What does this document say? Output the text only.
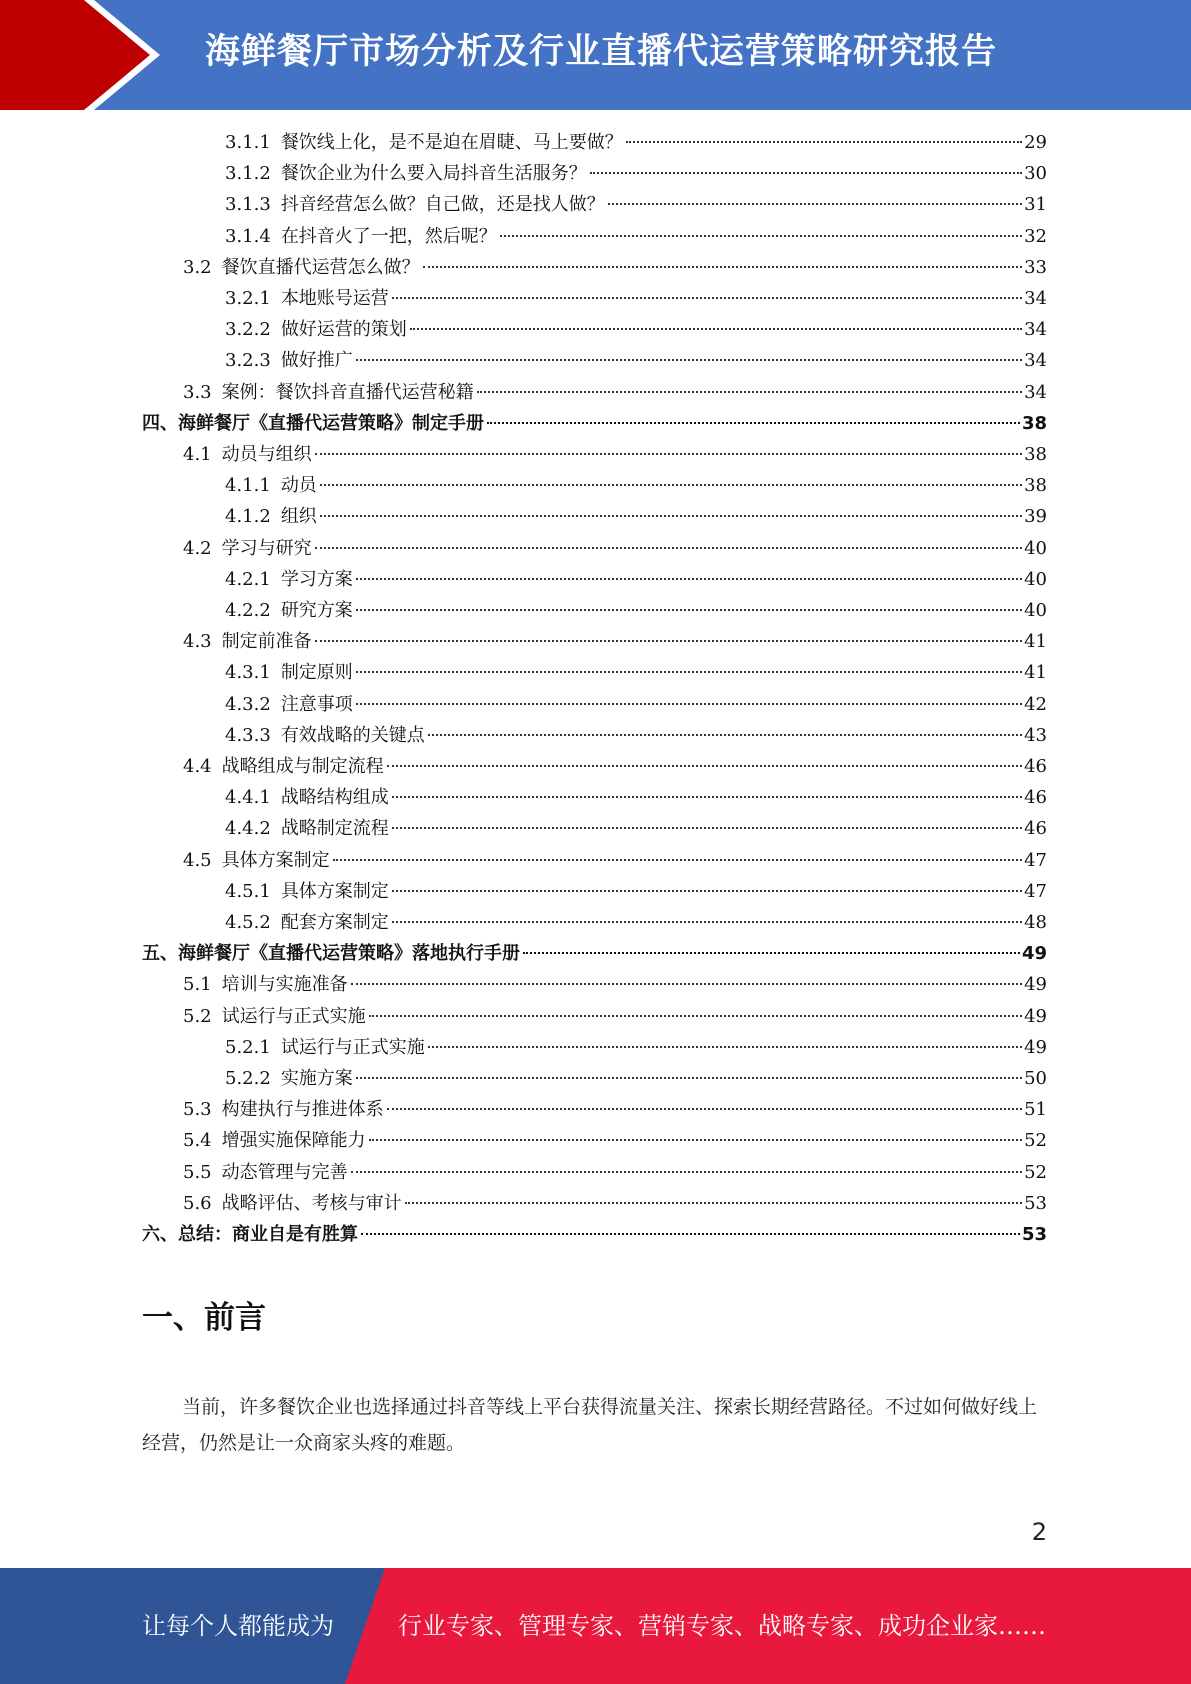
海鲜餐厅市场分析及行业直播代运营策略研究报告
3.1.1 餐饮线上化，是不是迫在眉睫、马上要做？	29
3.1.2 餐饮企业为什么要入局抖音生活服务？	30
3.1.3 抖音经营怎么做？自己做，还是找人做？	31
3.1.4 在抖音火了一把，然后呢？	32
3.2 餐饮直播代运营怎么做？	33
3.2.1 本地账号运营	34
3.2.2 做好运营的策划	34
3.2.3 做好推广	34
3.3 案例：餐饮抖音直播代运营秘籍	34
四、海鲜餐厅《直播代运营策略》制定手册	38
4.1 动员与组织	38
4.1.1 动员	38
4.1.2 组织	39
4.2 学习与研究	40
4.2.1 学习方案	40
4.2.2 研究方案	40
4.3 制定前准备	41
4.3.1 制定原则	41
4.3.2 注意事项	42
4.3.3 有效战略的关键点	43
4.4 战略组成与制定流程	46
4.4.1 战略结构组成	46
4.4.2 战略制定流程	46
4.5 具体方案制定	47
4.5.1 具体方案制定	47
4.5.2 配套方案制定	48
五、海鲜餐厅《直播代运营策略》落地执行手册	49
5.1 培训与实施准备	49
5.2 试运行与正式实施	49
5.2.1 试运行与正式实施	49
5.2.2 实施方案	50
5.3 构建执行与推进体系	51
5.4 增强实施保障能力	52
5.5 动态管理与完善	52
5.6 战略评估、考核与审计	53
六、总结：商业自是有胜算	53
一、前言
当前，许多餐饮企业也选择通过抖音等线上平台获得流量关注、探索长期经营路径。不过如何做好线上经营，仍然是让一众商家头疼的难题。
2
让每个人都能成为	行业专家、管理专家、营销专家、战略专家、成功企业家……
